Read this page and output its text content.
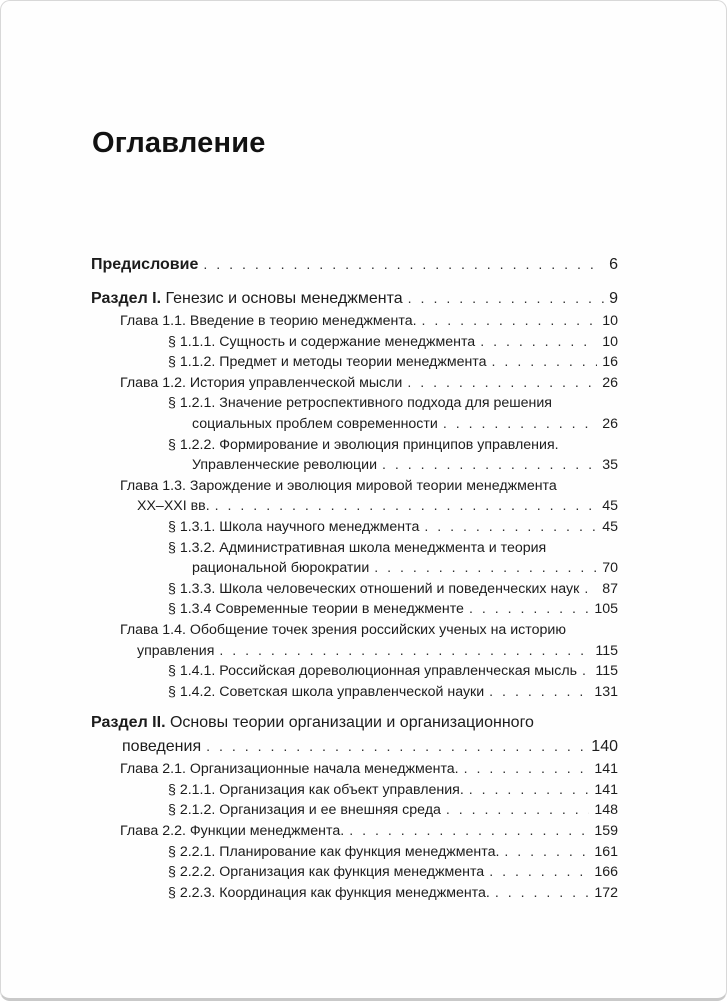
Оглавление
Предисловие . . .	6
Раздел I. Генезис и основы менеджмента . . .	9
Глава 1.1. Введение в теорию менеджмента. . . .	10
§ 1.1.1. Сущность и содержание менеджмента . . .	10
§ 1.1.2. Предмет и методы теории менеджмента . . .	16
Глава 1.2. История управленческой мысли . . .	26
§ 1.2.1. Значение ретроспективного подхода для решения
социальных проблем современности . . .	26
§ 1.2.2. Формирование и эволюция принципов управления.
Управленческие революции . . .	35
Глава 1.3. Зарождение и эволюция мировой теории менеджмента
XX–XXI вв. . . .	45
§ 1.3.1. Школа научного менеджмента . . .	45
§ 1.3.2. Административная школа менеджмента и теория
рациональной бюрократии . . .	70
§ 1.3.3. Школа человеческих отношений и поведенческих наук . . . 87
§ 1.3.4 Современные теории в менеджменте . . .	105
Глава 1.4. Обобщение точек зрения российских ученых на историю
управления . . .	115
§ 1.4.1. Российская дореволюционная управленческая мысль . . . 115
§ 1.4.2. Советская школа управленческой науки . . .	131
Раздел II. Основы теории организации и организационного
поведения . . .	140
Глава 2.1. Организационные начала менеджмента. . . .	141
§ 2.1.1. Организация как объект управления. . . .	141
§ 2.1.2. Организация и ее внешняя среда . . .	148
Глава 2.2. Функции менеджмента. . . .	159
§ 2.2.1. Планирование как функция менеджмента. . . .	161
§ 2.2.2. Организация как функция менеджмента . . .	166
§ 2.2.3. Координация как функция менеджмента. . . .	172
